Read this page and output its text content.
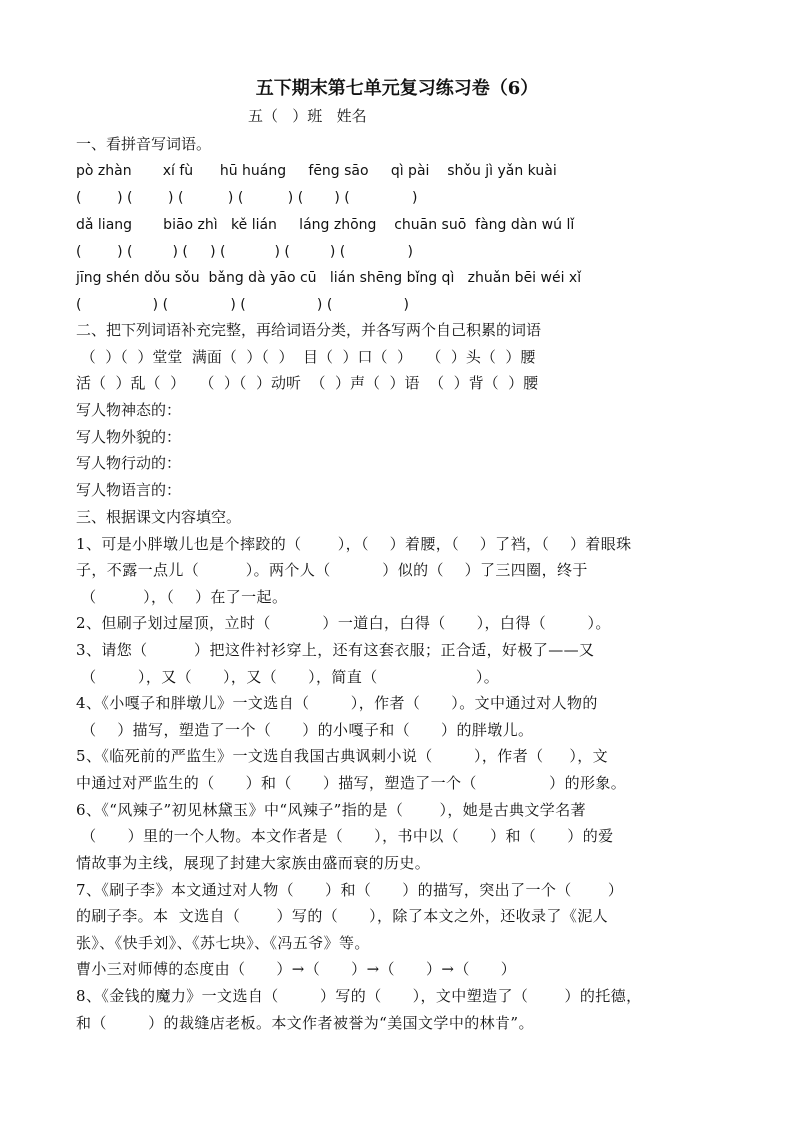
五下期末第七单元复习练习卷（6）
五（   ）班   姓名
一、看拼音写词语。
pò zhàn       xí fù      hū huáng     fēng sāo     qì pài    shǒu jì yǎn kuài
(        ) (        ) (          ) (          ) (       ) (              )
dǎ liang       biāo zhì   kě lián     láng zhōng    chuān suō  fàng dàn wú lǐ
(        ) (         ) (     ) (           ) (         ) (              )
jīng shén dǒu sǒu  bǎng dà yāo cū   lián shēng bǐng qì   zhuǎn bēi wéi xǐ
(                ) (              ) (                ) (                )
二、把下列词语补充完整，再给词语分类，并各写两个自己积累的词语
（  ）（  ）堂堂  满面（  ）（  ）  目（  ）口（  ）   （  ）头（  ）腰
活（  ）乱（  ）   （  ）（  ）动听  （  ）声（  ）语  （  ）背（  ）腰
写人物神态的：
写人物外貌的：
写人物行动的：
写人物语言的：
三、根据课文内容填空。
1、可是小胖墩儿也是个摔跤的（       ），（    ）着腰，（    ）了裆，（    ）着眼珠
子，不露一点儿（         ）。两个人（          ）似的（    ）了三四圈，终于
（         ），（    ）在了一起。
2、但刷子划过屋顶，立时（          ）一道白，白得（      ），白得（        ）。
3、请您（         ）把这件衬衫穿上，还有这套衣服；正合适，好极了——又
（        ），又（      ），又（      ），简直（                   ）。
4、《小嘎子和胖墩儿》一文选自（        ），作者（      ）。文中通过对人物的
（    ）描写，塑造了一个（      ）的小嘎子和（      ）的胖墩儿。
5、《临死前的严监生》一文选自我国古典讽刺小说（        ），作者（     ），文
中通过对严监生的（      ）和（      ）描写，塑造了一个（              ）的形象。
6、《“风辣子”初见林黛玉》中“风辣子”指的是（       ），她是古典文学名著
（      ）里的一个人物。本文作者是（      ），书中以（      ）和（      ）的爱
情故事为主线，展现了封建大家族由盛而衰的历史。
7、《刷子李》本文通过对人物（      ）和（      ）的描写，突出了一个（       ）
的刷子李。本  文选自（       ）写的（      ），除了本文之外，还收录了《泥人
张》、《快手刘》、《苏七块》、《冯五爷》等。
曹小三对师傅的态度由（      ）→（      ）→（      ）→（      ）
8、《金钱的魔力》一文选自（        ）写的（      ），文中塑造了（       ）的托德，
和（        ）的裁缝店老板。本文作者被誉为“美国文学中的林肯”。
